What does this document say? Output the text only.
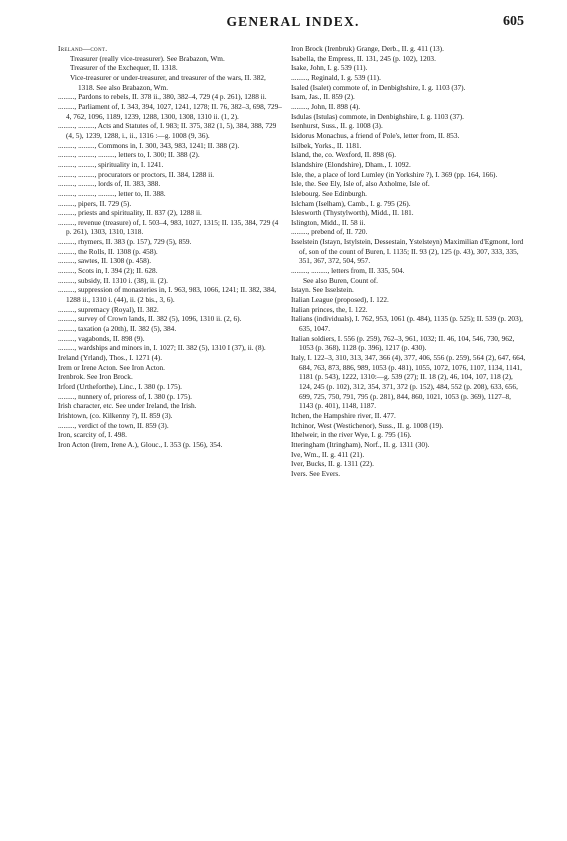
GENERAL INDEX.	605

Ireland—cont.

Treasurer (really vice-treasurer). See Brabazon, Wm.

Treasurer of the Exchequer, II. 1318.

Vice-treasurer or under-treasurer, and treasurer of the wars, II. 382, 1318. See also Brabazon, Wm.

........., Pardons to rebels, II. 378 ii., 380, 382–4, 729 (4 p. 261), 1288 ii.

........., Parliament of, I. 343, 394, 1027, 1241, 1278; II. 76, 382–3, 698, 729–4, 762, 1096, 1189, 1239, 1288, 1300, 1308, 1310 ii. (1, 2).

........., ........., Acts and Statutes of, I. 983; II. 375, 382 (1, 5), 384, 388, 729 (4, 5), 1239, 1288, i., ii., 1316 :—g. 1008 (9, 36).

........., ........., Commons in, I. 300, 343, 983, 1241; II. 388 (2).

........., ........., ........., letters to, I. 300; II. 388 (2).

........., ........., spirituality in, I. 1241.

........., ........., procurators or proctors, II. 384, 1288 ii.

........., ........., lords of, II. 383, 388.

........., ........., ........., letter to, II. 388.

........., pipers, II. 729 (5).

........., priests and spirituality, II. 837 (2), 1288 ii.

........., revenue (treasure) of, I. 503–4, 983, 1027, 1315; II. 135, 384, 729 (4 p. 261), 1303, 1310, 1318.

........., rhymers, II. 383 (p. 157), 729 (5), 859.

........., the Rolls, II. 1308 (p. 458).

........., sawtes, II. 1308 (p. 458).

........., Scots in, I. 394 (2); II. 628.

........., subsidy, II. 1310 i. (38), ii. (2).

........., suppression of monasteries in, I. 963, 983, 1066, 1241; II. 382, 384, 1288 ii., 1310 i. (44), ii. (2 bis., 3, 6).

........., supremacy (Royal), II. 382.

........., survey of Crown lands, II. 382 (5), 1096, 1310 ii. (2, 6).

........., taxation (a 20th), II. 382 (5), 384.

........., vagabonds, II. 898 (9).

........., wardships and minors in, I. 1027; II. 382 (5), 1310 I (37), ii. (8).

Ireland (Yrland), Thos., I. 1271 (4).

Irem or Irene Acton. See Iron Acton.

Irenbrok. See Iron Brock.

Irford (Urtheforthe), Linc., I. 380 (p. 175).

........., nunnery of, prioress of, I. 380 (p. 175).

Irish character, etc. See under Ireland, the Irish.

Irishtown, (co. Kilkenny ?), II. 859 (3).

........., verdict of the town, II. 859 (3).

Iron, scarcity of, I. 498.

Iron Acton (Irem, Irene A.), Glouc., I. 353 (p. 156), 354.

Iron Brock (Irenbruk) Grange, Derb., II. g. 411 (13).

Isabella, the Empress, II. 131, 245 (p. 102), 1203.

Isake, John, I. g. 539 (11).

........., Reginald, I. g. 539 (11).

Isaled (Isalet) commote of, in Denbighshire, I. g. 1103 (37).

Isam, Jas., II. 859 (2).

........., John, II. 898 (4).

Isdulas (Istulas) commote, in Denbighshire, I. g. 1103 (37).

Isenhurst, Suss., II. g. 1008 (3).

Isidorus Monachus, a friend of Pole's, letter from, II. 853.

Isilbek, Yorks., II. 1181.

Island, the, co. Wexford, II. 898 (6).

Islandshire (Elondshire), Dham., I. 1092.

Isle, the, a place of lord Lumley (in Yorkshire ?), I. 369 (pp. 164, 166).

Isle, the. See Ely, Isle of, also Axholme, Isle of.

Islebourg. See Edinburgh.

Islcham (Iselham), Camb., I. g. 795 (26).

Islesworth (Thystylworth), Midd., II. 181.

Islington, Midd., II. 58 ii.

........., prebend of, II. 720.

Isselstein (Istayn, Istylstein, Dessestain, Ystelsteyn) Maximilian d'Egmont, lord of, son of the count of Buren, I. 1135; II. 93 (2), 125 (p. 43), 307, 333, 335, 351, 367, 372, 504, 957.

........., ........., letters from, II. 335, 504.

See also Buren, Count of.

Istayn. See Isselstein.

Italian League (proposed), I. 122.

Italian princes, the, I. 122.

Italians (individuals), I. 762, 953, 1061 (p. 484), 1135 (p. 525); II. 539 (p. 203), 635, 1047.

Italian soldiers, I. 556 (p. 259), 762–3, 961, 1032; II. 46, 104, 546, 730, 962, 1053 (p. 368), 1128 (p. 396), 1217 (p. 430).

Italy, I. 122–3, 310, 313, 347, 366 (4), 377, 406, 556 (p. 259), 564 (2), 647, 664, 684, 763, 873, 886, 989, 1053 (p. 481), 1055, 1072, 1076, 1107, 1134, 1141, 1181 (p. 543), 1222, 1310:—g. 539 (27); II. 18 (2), 46, 104, 107, 118 (2), 124, 245 (p. 102), 312, 354, 371, 372 (p. 152), 484, 552 (p. 208), 633, 656, 699, 725, 750, 791, 795 (p. 281), 844, 860, 1021, 1053 (p. 369), 1127–8, 1143 (p. 401), 1148, 1187.

Itchen, the Hampshire river, II. 477.

Itchinor, West (Westichenor), Suss., II. g. 1008 (19).

Ithelweir, in the river Wye, I. g. 795 (16).

Itteringham (Itringham), Norf., II. g. 1311 (30).

Ive, Wm., II. g. 411 (21).

Iver, Bucks, II. g. 1311 (22).

Ivers. See Evers.
